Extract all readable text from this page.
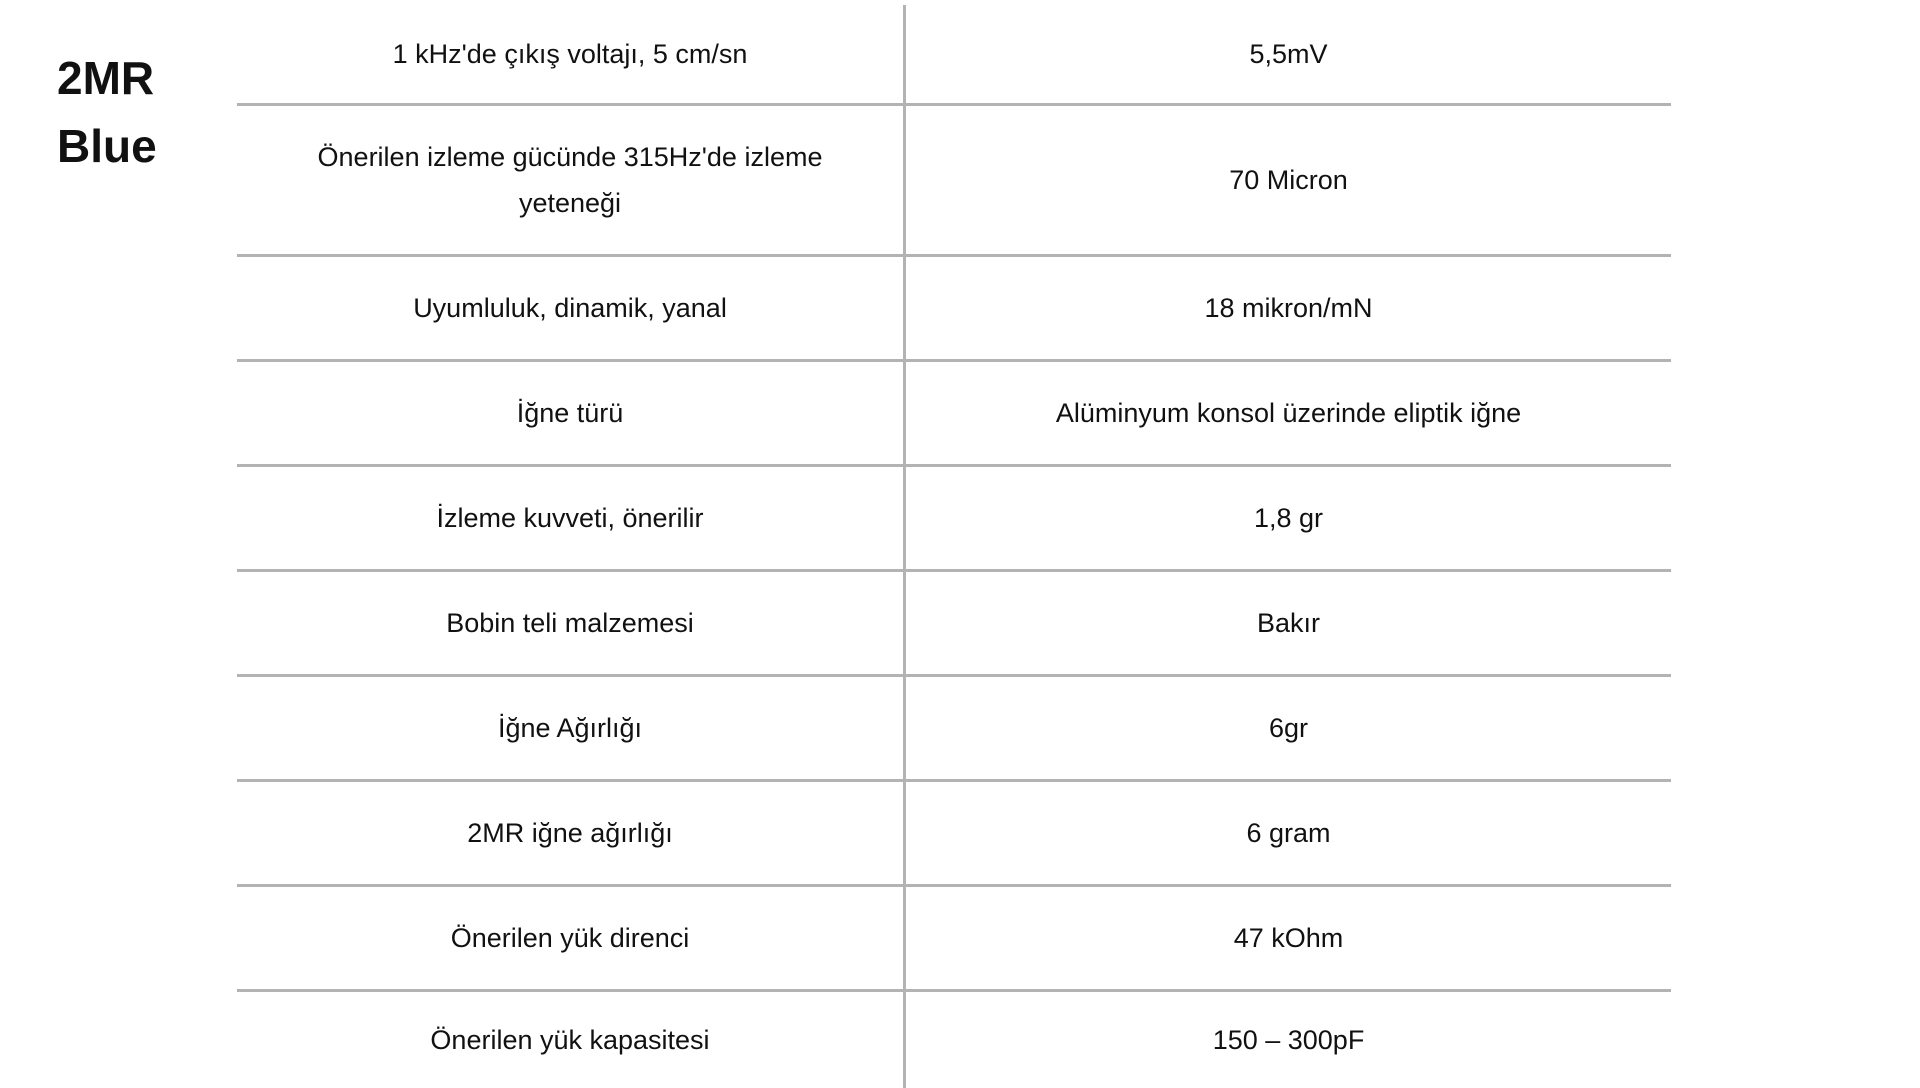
2MR
Blue
1 kHz'de çıkış voltajı, 5 cm/sn	5,5mV
Önerilen izleme gücünde 315Hz'de izleme yeteneği	70 Micron
Uyumluluk, dinamik, yanal	18 mikron/mN
İğne türü	Alüminyum konsol üzerinde eliptik iğne
İzleme kuvveti, önerilir	1,8 gr
Bobin teli malzemesi	Bakır
İğne Ağırlığı	6gr
2MR iğne ağırlığı	6 gram
Önerilen yük direnci	47 kOhm
Önerilen yük kapasitesi	150 – 300pF
